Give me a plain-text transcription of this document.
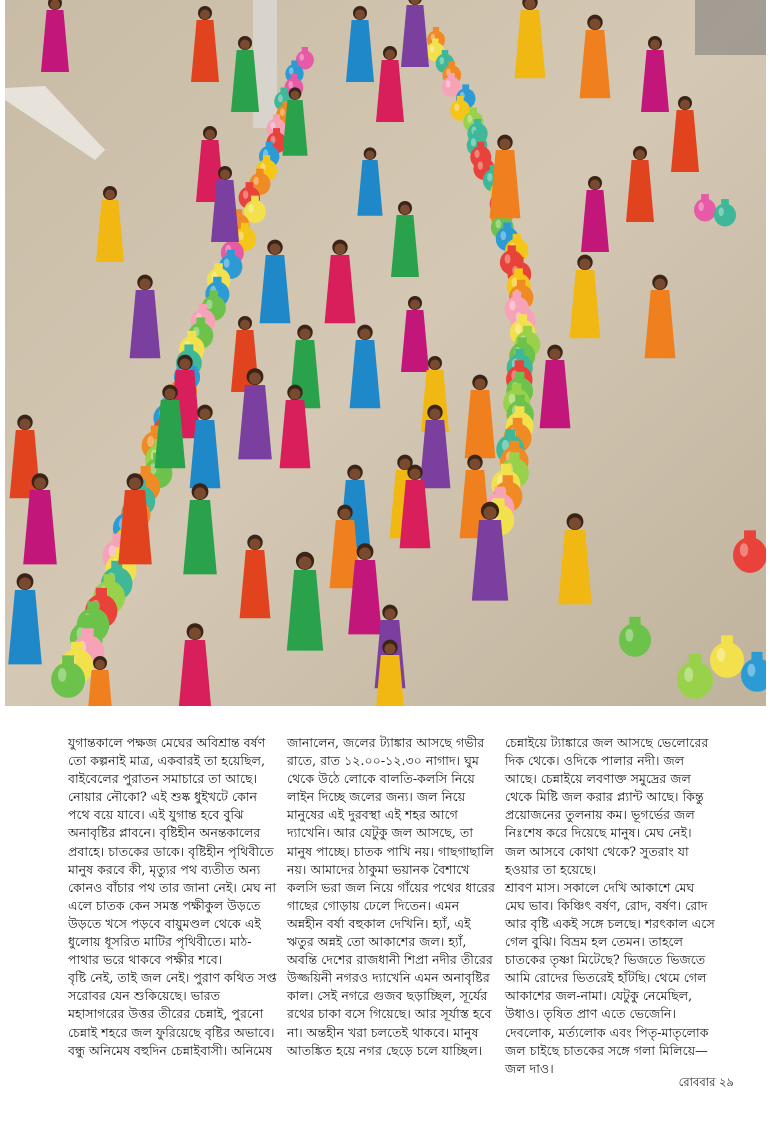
যুগান্তকালে পক্ষজ মেঘের অবিশ্রান্ত বর্ষণ তো কল্পনাই মাত্র, একবারই তা হয়েছিল, বাইবেলের পুরাতন সমাচারে তা আছে। নোয়ার নৌকো? এই শুষ্ক ধুইখটে কোন পথে বয়ে যাবে। এই যুগান্ত হবে বুঝি অনাবৃষ্টির প্লাবনে। বৃষ্টিহীন অনন্তকালের প্রবাহে। চাতকের ডাকে। বৃষ্টিহীন পৃথিবীতে মানুষ করবে কী, মৃত্যুর পথ ব্যতীত অন্য কোনও বাঁচার পথ তার জানা নেই। মেঘ না এলে চাতক কেন সমস্ত পক্ষীকুল উড়তে উড়তে খসে পড়বে বায়ুমণ্ডল থেকে এই ধুলোয় ধূসরিত মাটির পৃথিবীতে। মাঠ-পাথার ভরে থাকবে পক্ষীর শবে।
বৃষ্টি নেই, তাই জল নেই। পুরাণ কথিত সপ্ত সরোবর যেন শুকিয়েছে। ভারত মহাসাগরের উত্তর তীরের চেন্নাই, পুরনো চেন্নাই শহরে জল ফুরিয়েছে বৃষ্টির অভাবে। বন্ধু অনিমেষ বহুদিন চেন্নাইবাসী। অনিমেষ
জানালেন, জলের ট্যাঙ্কার আসছে গভীর রাতে, রাত ১২.০০-১২.৩০ নাগাদ। ঘুম থেকে উঠে লোকে বালতি-কলসি নিয়ে লাইন দিচ্ছে জলের জন্য। জল নিয়ে মানুষের এই দুরবস্থা এই শহর আগে দ্যাখেনি। আর যেটুকু জল আসছে, তা মানুষ পাচ্ছে। চাতক পাখি নয়। গাছগাছালি নয়। আমাদের ঠাকুমা ভয়ানক বৈশাখে কলসি ভরা জল নিয়ে গাঁয়ের পথের ধারের গাছের গোড়ায় ঢেলে দিতেন। এমন অন্নহীন বর্ষা বহুকাল দেখিনি। হ্যাঁ, এই ঋতুর অন্নই তো আকাশের জল। হ্যাঁ, অবন্তি দেশের রাজধানী শিপ্রা নদীর তীরের উজ্জয়িনী নগরও দ্যাখেনি এমন অনাবৃষ্টির কাল। সেই নগরে গুজব ছড়াচ্ছিল, সূর্যের রথের চাকা বসে গিয়েছে। আর সূর্যাস্ত হবে না। অন্তহীন খরা চলতেই থাকবে। মানুষ আতঙ্কিত হয়ে নগর ছেড়ে চলে যাচ্ছিল।
চেন্নাইয়ে ট্যাঙ্কারে জল আসছে ভেলোরের দিক থেকে। ওদিকে পালার নদী। জল আছে। চেন্নাইয়ে লবণাক্ত সমুদ্রের জল থেকে মিষ্টি জল করার প্ল্যান্ট আছে। কিন্তু প্রয়োজনের তুলনায় কম। ভূগর্ভের জল নিঃশেষ করে দিয়েছে মানুষ। মেঘ নেই। জল আসবে কোথা থেকে? সুতরাং যা হওয়ার তা হয়েছে।
শ্রাবণ মাস। সকালে দেখি আকাশে মেঘ মেঘ ভাব। কিঞ্চিৎ বর্ষণ, রোদ, বর্ষণ। রোদ আর বৃষ্টি একই সঙ্গে চলছে। শরৎকাল এসে গেল বুঝি। বিভ্রম হল তেমন। তাহলে চাতকের তৃষ্ণা মিটেছে? ভিজতে ভিজতে আমি রোদের ভিতরেই হাঁটছি। থেমে গেল আকাশের জল-নামা। যেটুকু নেমেছিল, উধাও। তৃষিত প্রাণ এতে ভেজেনি। দেবলোক, মর্ত্যলোক এবং পিতৃ-মাতৃলোক জল চাইছে চাতকের সঙ্গে গলা মিলিয়ে— জল দাও।
রোববার ২৯
